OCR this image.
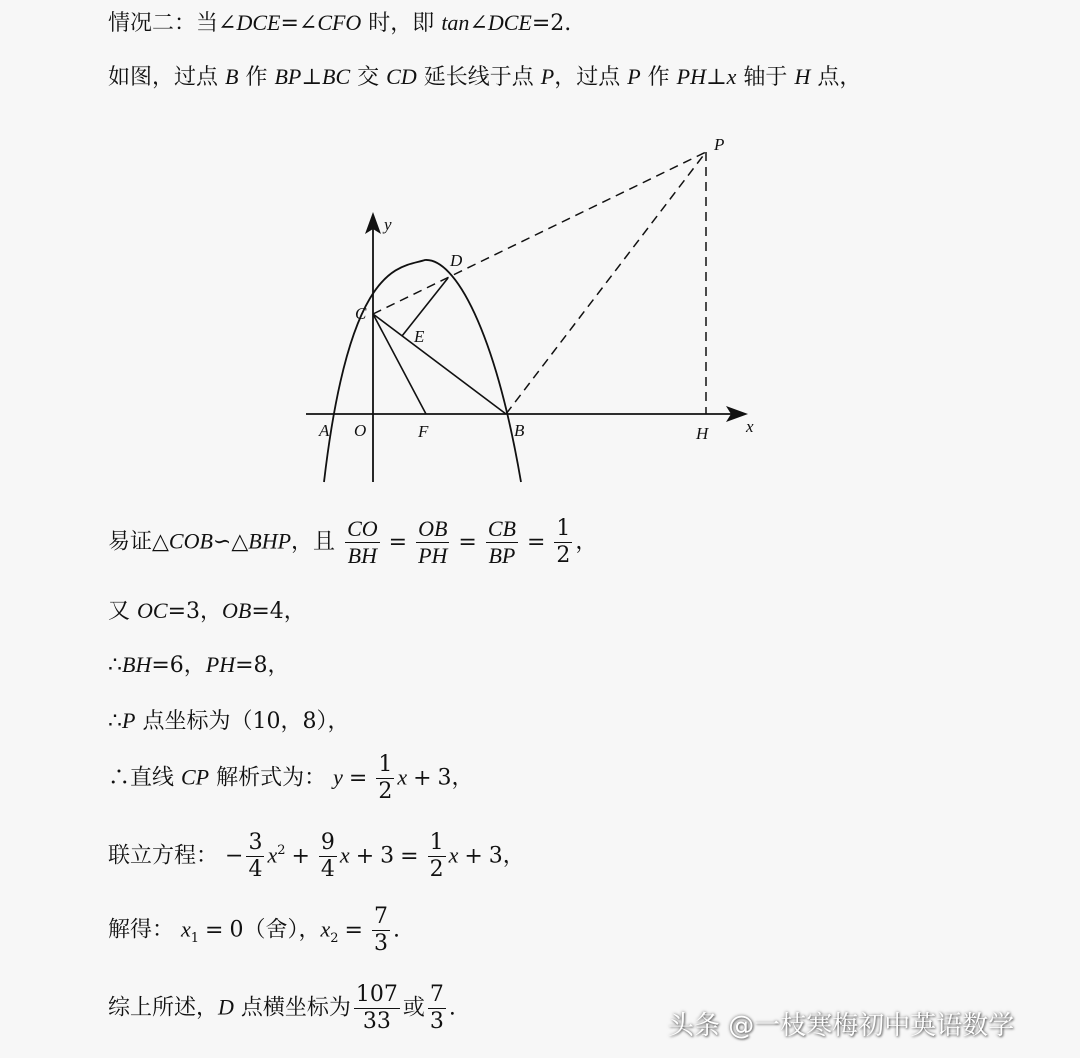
情况二：当∠DCE=∠CFO 时，即 tan∠DCE=2.
如图，过点 B 作 BP⊥BC 交 CD 延长线于点 P，过点 P 作 PH⊥x 轴于 H 点，
P
y
D
C
E
A O	F	B	H x
易证△COB∽△BHP，且 $\frac{CO}{BH} = \frac{OB}{PH} = \frac{CB}{BP} = \frac{1}{2}$ ，
又 OC=3，OB=4，
∴BH=6，PH=8，
∴P 点坐标为（10，8），
∴直线 CP 解析式为： $y = \frac{1}{2}$ x + 3，
联立方程： − $\frac{3}{4} x^2 + \frac{9}{4}$ $x + 3 = \frac{1}{2}$ x + 3，
解得： $x_1 = 0$（舍），$x_2 = \frac{7}{3}$ .
综上所述，D 点横坐标为 $\frac{107}{33}$ 或 $\frac{7}{3}$ .
头条 @一枝寒梅初中英语数学
